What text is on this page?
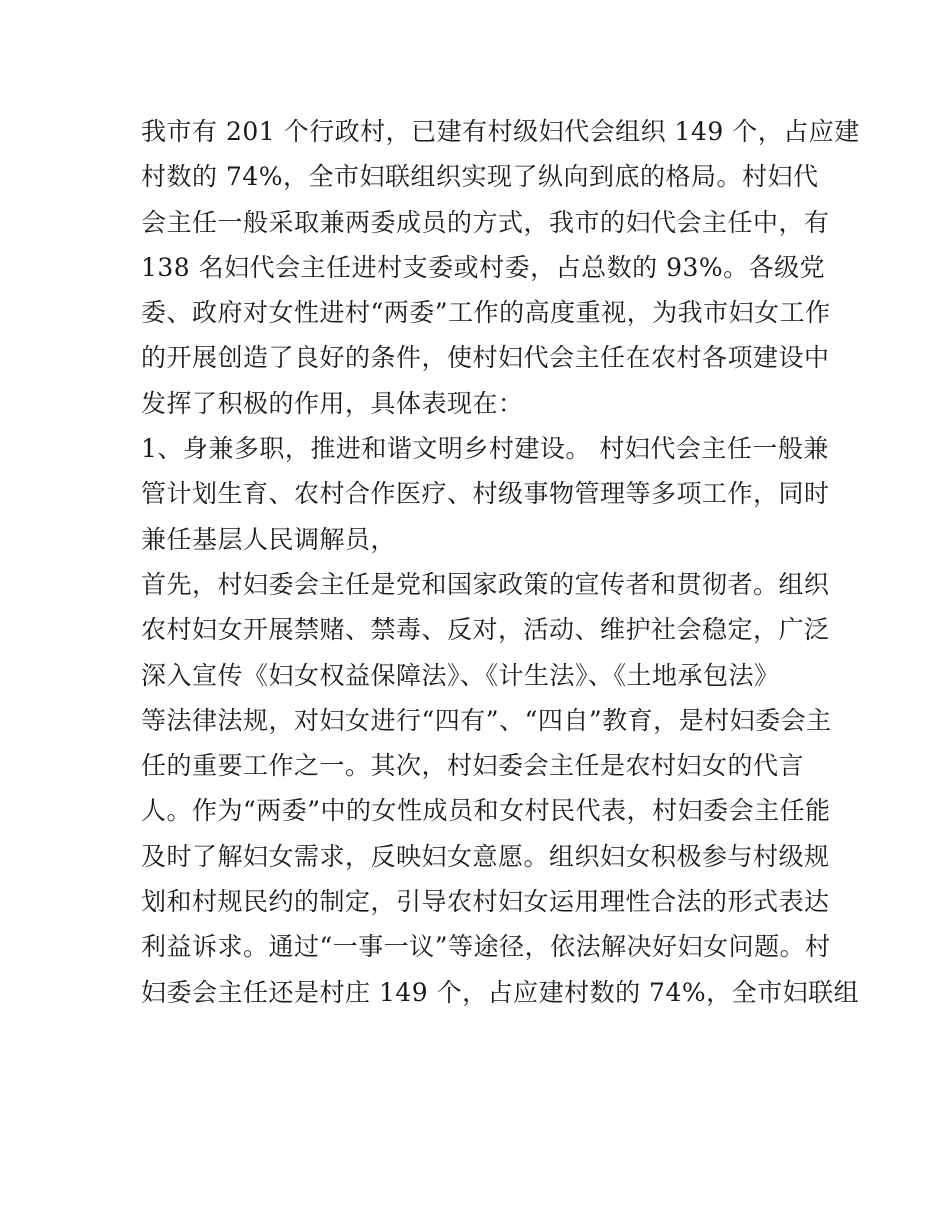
我市有 201 个行政村，已建有村级妇代会组织 149 个，占应建
村数的 74%，全市妇联组织实现了纵向到底的格局。村妇代
会主任一般采取兼两委成员的方式，我市的妇代会主任中，有
138 名妇代会主任进村支委或村委，占总数的 93%。各级党
委、政府对女性进村“两委”工作的高度重视，为我市妇女工作
的开展创造了良好的条件，使村妇代会主任在农村各项建设中
发挥了积极的作用，具体表现在：
1、身兼多职，推进和谐文明乡村建设。 村妇代会主任一般兼
管计划生育、农村合作医疗、村级事物管理等多项工作，同时
兼任基层人民调解员，
首先，村妇委会主任是党和国家政策的宣传者和贯彻者。组织
农村妇女开展禁赌、禁毒、反对，活动、维护社会稳定，广泛
深入宣传《妇女权益保障法》、《计生法》、《土地承包法》
等法律法规，对妇女进行“四有”、“四自”教育，是村妇委会主
任的重要工作之一。其次，村妇委会主任是农村妇女的代言
人。作为“两委”中的女性成员和女村民代表，村妇委会主任能
及时了解妇女需求，反映妇女意愿。组织妇女积极参与村级规
划和村规民约的制定，引导农村妇女运用理性合法的形式表达
利益诉求。通过“一事一议”等途径，依法解决好妇女问题。村
妇委会主任还是村庄 149 个，占应建村数的 74%，全市妇联组
